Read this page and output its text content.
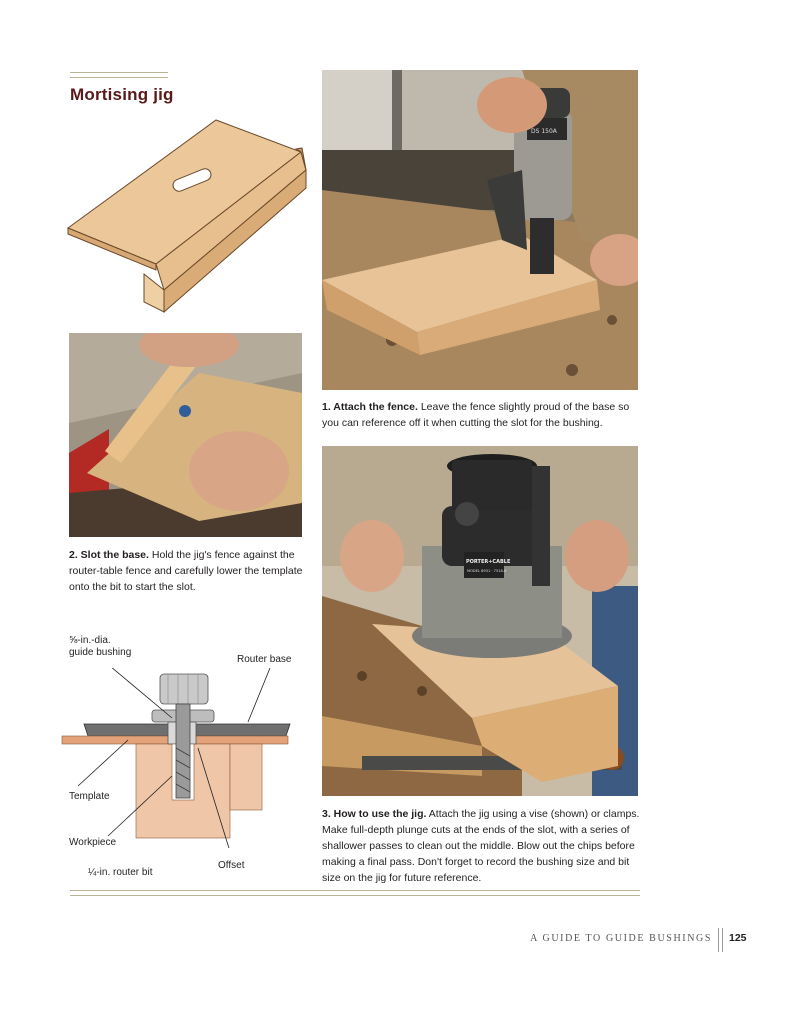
Mortising jig
DS 150A
1. Attach the fence. Leave the fence slightly proud of the base so you can reference off it when cutting the slot for the bushing.
2. Slot the base. Hold the jig's fence against the router-table fence and carefully lower the template onto the bit to start the slot.
⅝-in.-dia.
guide bushing
Router base
Template
Workpiece
Offset
¼-in. router bit
PORTER+CABLE
MODEL 8931 · 7518-6
3. How to use the jig. Attach the jig using a vise (shown) or clamps. Make full-depth plunge cuts at the ends of the slot, with a series of shallower passes to clean out the middle. Blow out the chips before making a final pass. Don't forget to record the bushing size and bit size on the jig for future reference.
A GUIDE TO GUIDE BUSHINGS 125
